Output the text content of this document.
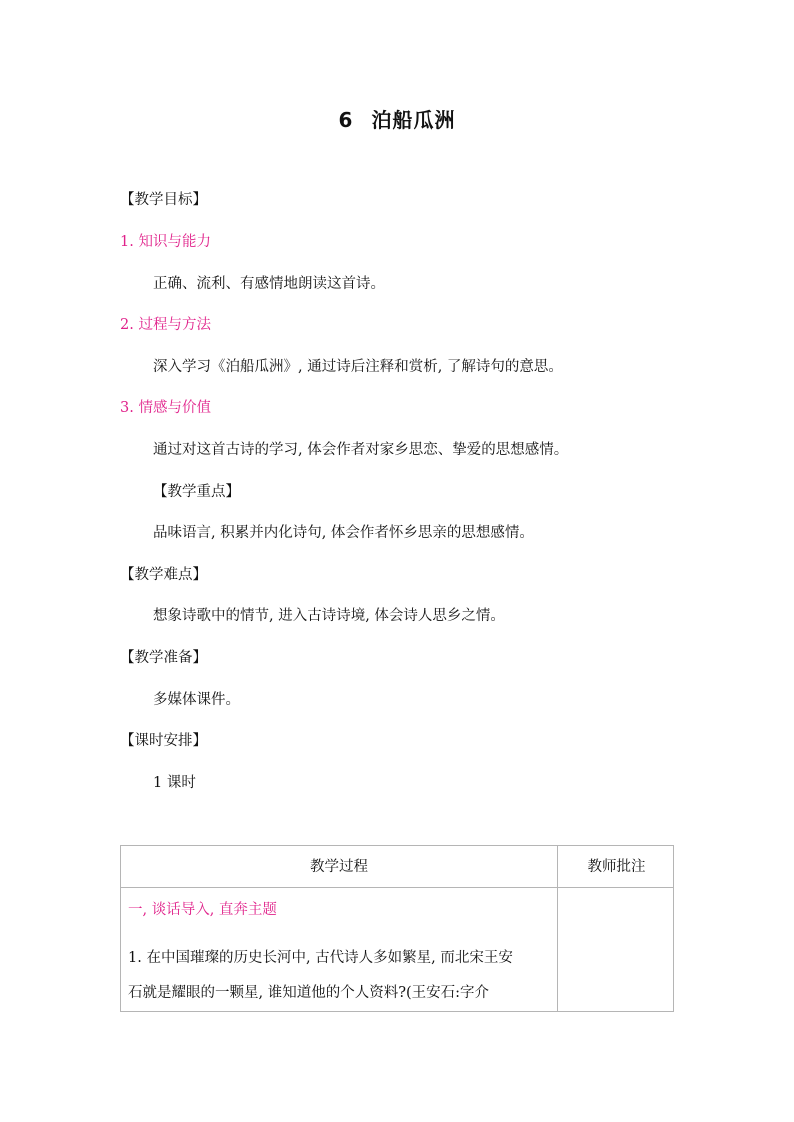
6 泊船瓜洲
【教学目标】
1. 知识与能力
正确、流利、有感情地朗读这首诗。
2. 过程与方法
深入学习《泊船瓜洲》, 通过诗后注释和赏析, 了解诗句的意思。
3. 情感与价值
通过对这首古诗的学习, 体会作者对家乡思恋、挚爱的思想感情。
【教学重点】
品味语言, 积累并内化诗句, 体会作者怀乡思亲的思想感情。
【教学难点】
想象诗歌中的情节, 进入古诗诗境, 体会诗人思乡之情。
【教学准备】
多媒体课件。
【课时安排】
1 课时
教学过程	教师批注
一, 谈话导入, 直奔主题
1. 在中国璀璨的历史长河中, 古代诗人多如繁星, 而北宋王安
石就是耀眼的一颗星, 谁知道他的个人资料?(王安石:字介
